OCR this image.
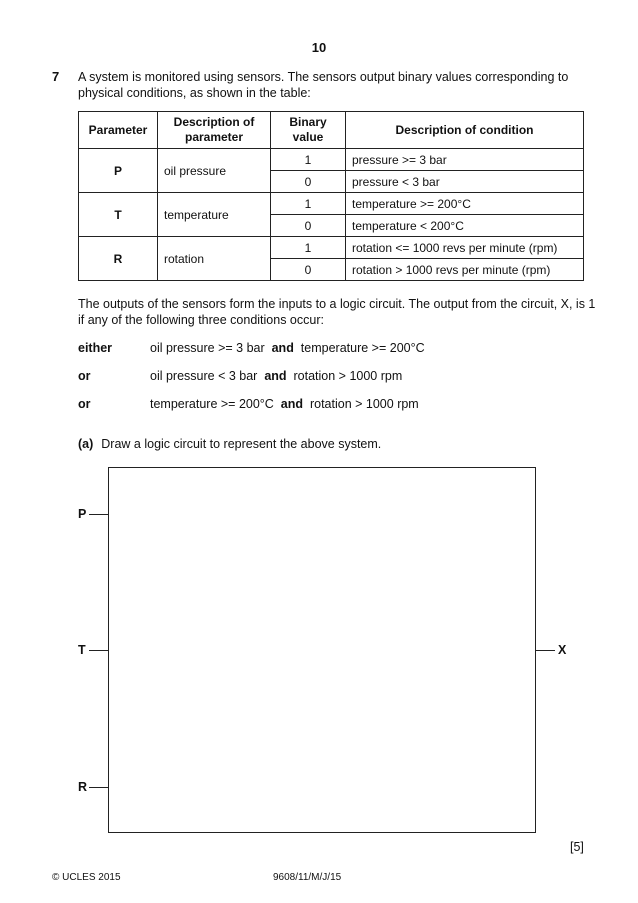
10
7 A system is monitored using sensors. The sensors output binary values corresponding to physical conditions, as shown in the table:
Parameter	Description of parameter	Binary value	Description of condition
P	oil pressure	1	pressure >= 3 bar
		0	pressure < 3 bar
T	temperature	1	temperature >= 200°C
		0	temperature < 200°C
R	rotation	1	rotation <= 1000 revs per minute (rpm)
		0	rotation > 1000 revs per minute (rpm)
The outputs of the sensors form the inputs to a logic circuit. The output from the circuit, X, is 1 if any of the following three conditions occur:
either	oil pressure >= 3 bar and temperature >= 200°C
or	oil pressure < 3 bar and rotation > 1000 rpm
or	temperature >= 200°C and rotation > 1000 rpm
(a) Draw a logic circuit to represent the above system.
P
T
R
X
[5]
© UCLES 2015	9608/11/M/J/15
